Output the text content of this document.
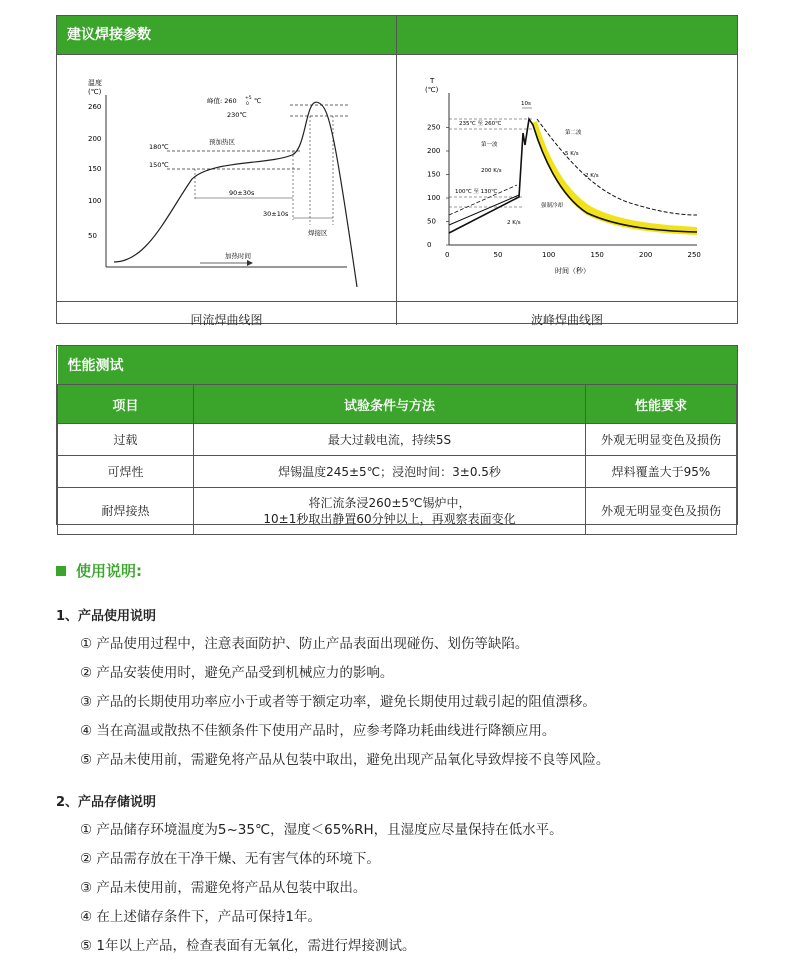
建议焊接参数
温度
(℃)
260
200
150
100
50
峰值: 260 +5
0 ℃
230℃
180℃
150℃
预加热区
90±30s
30±10s
焊接区
加热时间
T
(℃)
250
200
150
100
50
0
0	50	100	150	200	250
时间（秒）
10s
235℃ 至 260℃
第一波
第二波
5 K/s
200 K/s
2 K/s
100℃ 至 130℃
2 K/s
强制冷却
回流焊曲线图	波峰焊曲线图
性能测试		
项目	试验条件与方法	性能要求
过载	最大过载电流，持续5S	外观无明显变色及损伤
可焊性	焊锡温度245±5℃；浸泡时间：3±0.5秒	焊料覆盖大于95%
耐焊接热	将汇流条浸260±5℃锡炉中，
10±1秒取出静置60分钟以上，再观察表面变化	外观无明显变色及损伤
使用说明:
1、产品使用说明
① 产品使用过程中，注意表面防护、防止产品表面出现碰伤、划伤等缺陷。
② 产品安装使用时，避免产品受到机械应力的影响。
③ 产品的长期使用功率应小于或者等于额定功率，避免长期使用过载引起的阻值漂移。
④ 当在高温或散热不佳额条件下使用产品时，应参考降功耗曲线进行降额应用。
⑤ 产品未使用前，需避免将产品从包装中取出，避免出现产品氧化导致焊接不良等风险。
2、产品存储说明
① 产品储存环境温度为5~35℃，湿度＜65%RH，且湿度应尽量保持在低水平。
② 产品需存放在干净干燥、无有害气体的环境下。
③ 产品未使用前，需避免将产品从包装中取出。
④ 在上述储存条件下，产品可保持1年。
⑤ 1年以上产品，检查表面有无氧化，需进行焊接测试。
